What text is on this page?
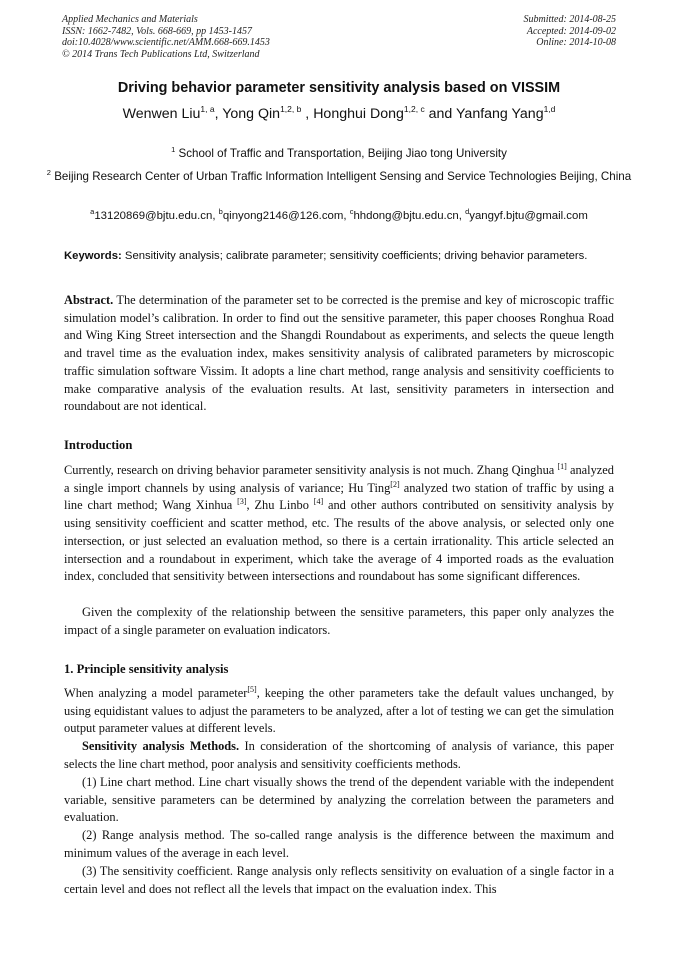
Applied Mechanics and Materials
ISSN: 1662-7482, Vols. 668-669, pp 1453-1457
doi:10.4028/www.scientific.net/AMM.668-669.1453
© 2014 Trans Tech Publications Ltd, Switzerland
Submitted: 2014-08-25
Accepted: 2014-09-02
Online: 2014-10-08
Driving behavior parameter sensitivity analysis based on VISSIM
Wenwen Liu$^{1, a}$, Yong Qin$^{1,2, b}$ , Honghui Dong$^{1,2, c}$ and Yanfang Yang$^{1,d}$
$^1$ School of Traffic and Transportation, Beijing Jiao tong University
$^2$ Beijing Research Center of Urban Traffic Information Intelligent Sensing and Service Technologies Beijing, China
$^a$13120869@bjtu.edu.cn, $^b$qinyong2146@126.com, $^c$hhdong@bjtu.edu.cn, $^d$yangyf.bjtu@gmail.com
Keywords: Sensitivity analysis; calibrate parameter; sensitivity coefficients; driving behavior parameters.
Abstract. The determination of the parameter set to be corrected is the premise and key of microscopic traffic simulation model’s calibration. In order to find out the sensitive parameter, this paper chooses Ronghua Road and Wing King Street intersection and the Shangdi Roundabout as experiments, and selects the queue length and travel time as the evaluation index, makes sensitivity analysis of calibrated parameters by microscopic traffic simulation software Vissim. It adopts a line chart method, range analysis and sensitivity coefficients to make comparative analysis of the evaluation results. At last, sensitivity parameters in intersection and roundabout are not identical.
Introduction
Currently, research on driving behavior parameter sensitivity analysis is not much. Zhang Qinghua [1] analyzed a single import channels by using analysis of variance; Hu Ting[2] analyzed two station of traffic by using a line chart method; Wang Xinhua [3], Zhu Linbo [4] and other authors contributed on sensitivity analysis by using sensitivity coefficient and scatter method, etc. The results of the above analysis, or selected only one intersection, or just selected an evaluation method, so there is a certain irrationality. This article selected an intersection and a roundabout in experiment, which take the average of 4 imported roads as the evaluation index, concluded that sensitivity between intersections and roundabout has some significant differences.
Given the complexity of the relationship between the sensitive parameters, this paper only analyzes the impact of a single parameter on evaluation indicators.
1. Principle sensitivity analysis
When analyzing a model parameter[5], keeping the other parameters take the default values unchanged, by using equidistant values to adjust the parameters to be analyzed, after a lot of testing we can get the simulation output parameter values at different levels.
Sensitivity analysis Methods. In consideration of the shortcoming of analysis of variance, this paper selects the line chart method, poor analysis and sensitivity coefficients methods.
(1) Line chart method. Line chart visually shows the trend of the dependent variable with the independent variable, sensitive parameters can be determined by analyzing the correlation between the parameters and evaluation.
(2) Range analysis method. The so-called range analysis is the difference between the maximum and minimum values of the average in each level.
(3) The sensitivity coefficient. Range analysis only reflects sensitivity on evaluation of a single factor in a certain level and does not reflect all the levels that impact on the evaluation index. This
